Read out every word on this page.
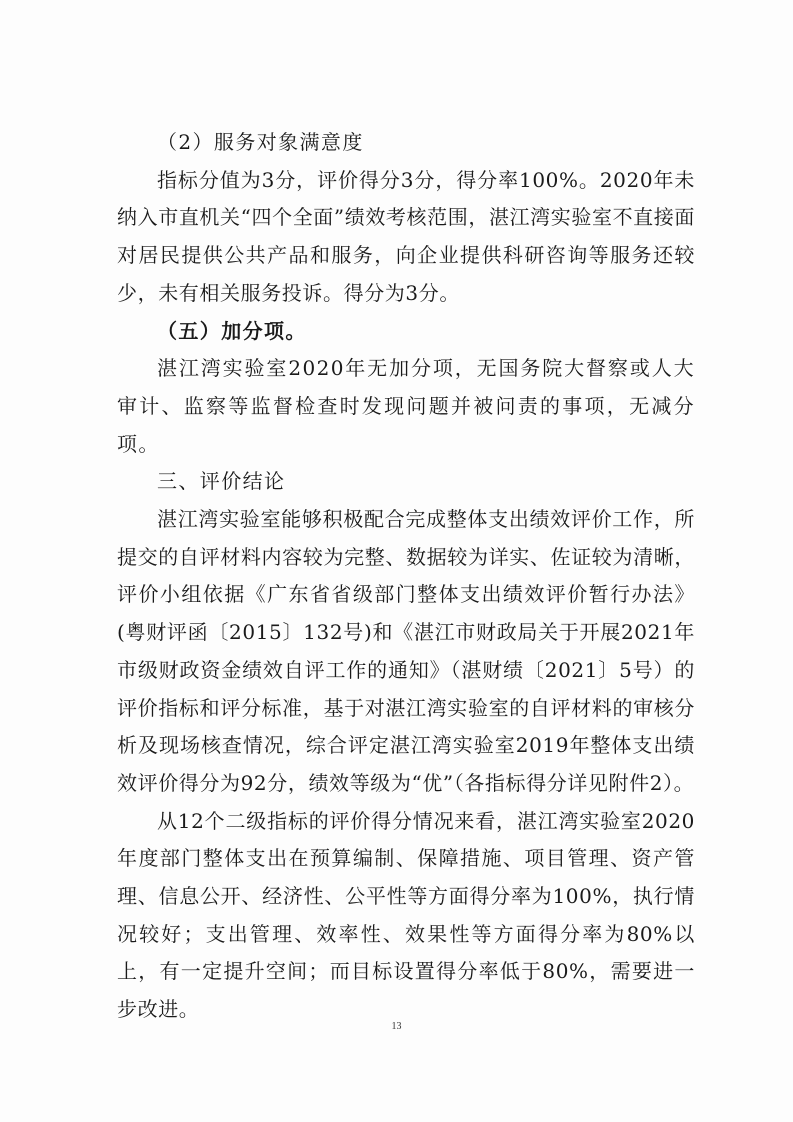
（2）服务对象满意度

指标分值为3分，评价得分3分，得分率100%。2020年未纳入市直机关“四个全面”绩效考核范围，湛江湾实验室不直接面对居民提供公共产品和服务，向企业提供科研咨询等服务还较少，未有相关服务投诉。得分为3分。

（五）加分项。

湛江湾实验室2020年无加分项，无国务院大督察或人大审计、监察等监督检查时发现问题并被问责的事项，无减分项。

三、评价结论

湛江湾实验室能够积极配合完成整体支出绩效评价工作，所提交的自评材料内容较为完整、数据较为详实、佐证较为清晰，评价小组依据《广东省省级部门整体支出绩效评价暂行办法》(粤财评函〔2015〕132号)和《湛江市财政局关于开展2021年市级财政资金绩效自评工作的通知》（湛财绩〔2021〕5号）的评价指标和评分标准，基于对湛江湾实验室的自评材料的审核分析及现场核查情况，综合评定湛江湾实验室2019年整体支出绩效评价得分为92分，绩效等级为“优”（各指标得分详见附件2）。

从12个二级指标的评价得分情况来看，湛江湾实验室2020年度部门整体支出在预算编制、保障措施、项目管理、资产管理、信息公开、经济性、公平性等方面得分率为100%，执行情况较好；支出管理、效率性、效果性等方面得分率为80%以上，有一定提升空间；而目标设置得分率低于80%，需要进一步改进。

13
